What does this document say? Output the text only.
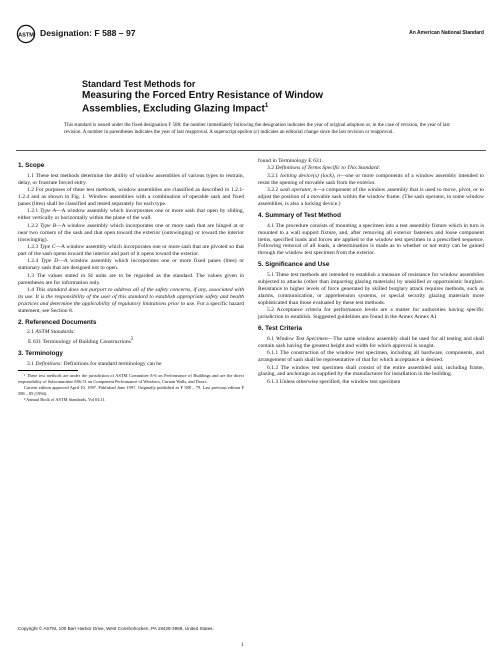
ASTM Designation: F 588 – 97	An American National Standard
Standard Test Methods for
Measuring the Forced Entry Resistance of Window
Assemblies, Excluding Glazing Impact$^1$
This standard is issued under the fixed designation F 588; the number immediately following the designation indicates the year of original adoption or, in the case of revision, the year of last revision. A number in parentheses indicates the year of last reapproval. A superscript epsilon (ε) indicates an editorial change since the last revision or reapproval.
1. Scope

1.1 These test methods determine the ability of window assemblies of various types to restrain, delay, or frustrate forced entry.

1.2 For purposes of these test methods, window assemblies are classified as described in 1.2.1-1.2.4 and as shown in Fig. 1. Window assemblies with a combination of operable sash and fixed panes (lites) shall be classified and tested separately for each type.

1.2.1 Type A—A window assembly which incorporates one or more sash that open by sliding, either vertically or horizontally within the plane of the wall.

1.2.2 Type B—A window assembly which incorporates one or more sash that are hinged at or near two corners of the sash and that open toward the exterior (outswinging) or toward the interior (inswinging).

1.2.3 Type C—A window assembly which incorporates one or more sash that are pivoted so that part of the sash opens toward the interior and part of it opens toward the exterior.

1.2.4 Type D—A window assembly which incorporates one or more fixed panes (lites) or stationary sash that are designed not to open.

1.3 The values stated in SI units are to be regarded as the standard. The values given in parentheses are for information only.

1.4 This standard does not purport to address all of the safety concerns, if any, associated with its use. It is the responsibility of the user of this standard to establish appropriate safety and health practices and determine the applicability of regulatory limitations prior to use. For a specific hazard statement, see Section 8.

2. Referenced Documents

2.1 ASTM Standards:

E 631 Terminology of Building Constructions$^2$

3. Terminology

3.1 Definitions: Definitions for standard terminology can be

¹ These test methods are under the jurisdiction of ASTM Committee E-6 on Performance of Buildings and are the direct responsibility of Subcommittee E06.51 on Component Performance of Windows, Curtain Walls, and Doors.

Current edition approved April 10, 1997. Published June 1997. Originally published as F 588 – 79. Last previous edition F 588 – 85 (1994).

² Annual Book of ASTM Standards, Vol 04.11.

found in Terminology E 631.

3.2 Definitions of Terms Specific to This Standard:

3.2.1 locking device(s) (lock), n—one or more components of a window assembly intended to resist the opening of movable sash from the exterior.

3.2.2 sash operator, n—a component of the window assembly that is used to move, pivot, or to adjust the position of a movable sash within the window frame. (The sash operator, in some window assemblies, is also a locking device.)

4. Summary of Test Method

4.1 The procedure consists of mounting a specimen into a test assembly fixture which in turn is mounted to a wall support fixture, and, after removing all exterior fasteners and loose component items, specified loads and forces are applied to the window test specimen in a prescribed sequence. Following removal of all loads, a determination is made as to whether or not entry can be gained through the window test specimen from the exterior.

5. Significance and Use

5.1 These test methods are intended to establish a measure of resistance for window assemblies subjected to attacks (other than impacting glazing materials) by unskilled or opportunistic burglars. Resistance to higher levels of force generated by skilled burglary attack requires methods, such as alarms, communication, or apprehension systems, or special security glazing materials more sophisticated than those evaluated by these test methods.

5.2 Acceptance criteria for performance levels are a matter for authorities having specific jurisdiction to establish. Suggested guidelines are found in the Annex Annex A1

6. Test Criteria

6.1 Window Test Specimen—The same window assembly shall be used for all testing and shall contain sash having the greatest height and width for which approval is sought.

6.1.1 The construction of the window test specimen, including all hardware, components, and arrangement of sash shall be representative of that for which acceptance is desired.

6.1.2 The window test specimen shall consist of the entire assembled unit, including frame, glazing, and anchorage as supplied by the manufacturer for installation in the building.

6.1.3 Unless otherwise specified, the window test specimen

Copyright © ASTM, 100 Barr Harbor Drive, West Conshohocken, PA 19428-2959, United States.
1
